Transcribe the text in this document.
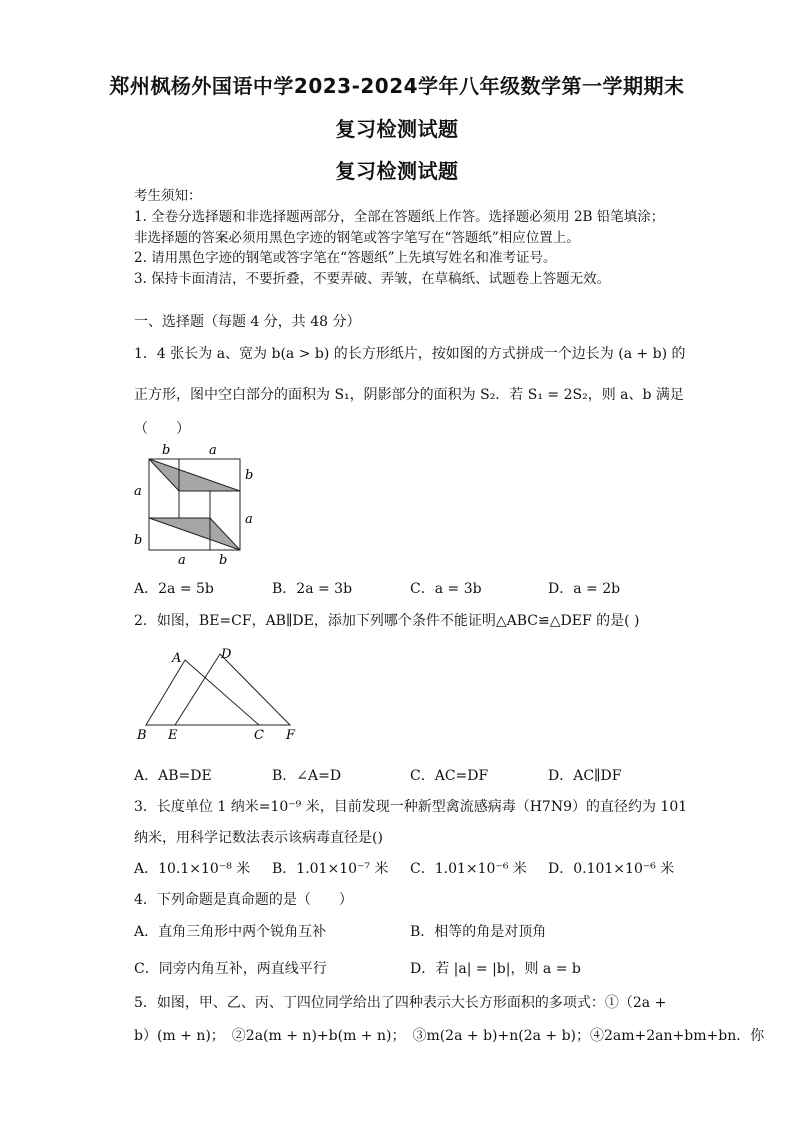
郑州枫杨外国语中学2023-2024学年八年级数学第一学期期末
复习检测试题
复习检测试题
考生须知：
1. 全卷分选择题和非选择题两部分，全部在答题纸上作答。选择题必须用 2B 铅笔填涂；
非选择题的答案必须用黑色字迹的钢笔或答字笔写在“答题纸”相应位置上。
2. 请用黑色字迹的钢笔或答字笔在“答题纸”上先填写姓名和准考证号。
3. 保持卡面清洁，不要折叠，不要弄破、弄皱，在草稿纸、试题卷上答题无效。
一、选择题（每题 4 分，共 48 分）
1．4 张长为 a、宽为 b(a > b) 的长方形纸片，按如图的方式拼成一个边长为 (a + b) 的
正方形，图中空白部分的面积为 S₁，阴影部分的面积为 S₂．若 S₁ = 2S₂，则 a、b 满足
（　　）
b	a
b
a
a
b
a	b
A．2a = 5b	B．2a = 3b	C．a = 3b	D．a = 2b
2．如图，BE=CF，AB∥DE，添加下列哪个条件不能证明△ABC≌△DEF 的是( )
A	D
B E	C F
A．AB=DE	B．∠A=D	C．AC=DF	D．AC∥DF
3．长度单位 1 纳米=10⁻⁹ 米，目前发现一种新型禽流感病毒（H7N9）的直径约为 101
纳米，用科学记数法表示该病毒直径是()
A．10.1×10⁻⁸ 米 B．1.01×10⁻⁷ 米 C．1.01×10⁻⁶ 米 D．0.101×10⁻⁶ 米
4．下列命题是真命题的是（　　）
A．直角三角形中两个锐角互补	B．相等的角是对顶角
C．同旁内角互补，两直线平行	D．若 |a| = |b|，则 a = b
5．如图，甲、乙、丙、丁四位同学给出了四种表示大长方形面积的多项式：①（2a +
b）(m + n)；　②2a(m + n)+b(m + n)；　③m(2a + b)+n(2a + b)；④2am+2an+bm+bn．你
